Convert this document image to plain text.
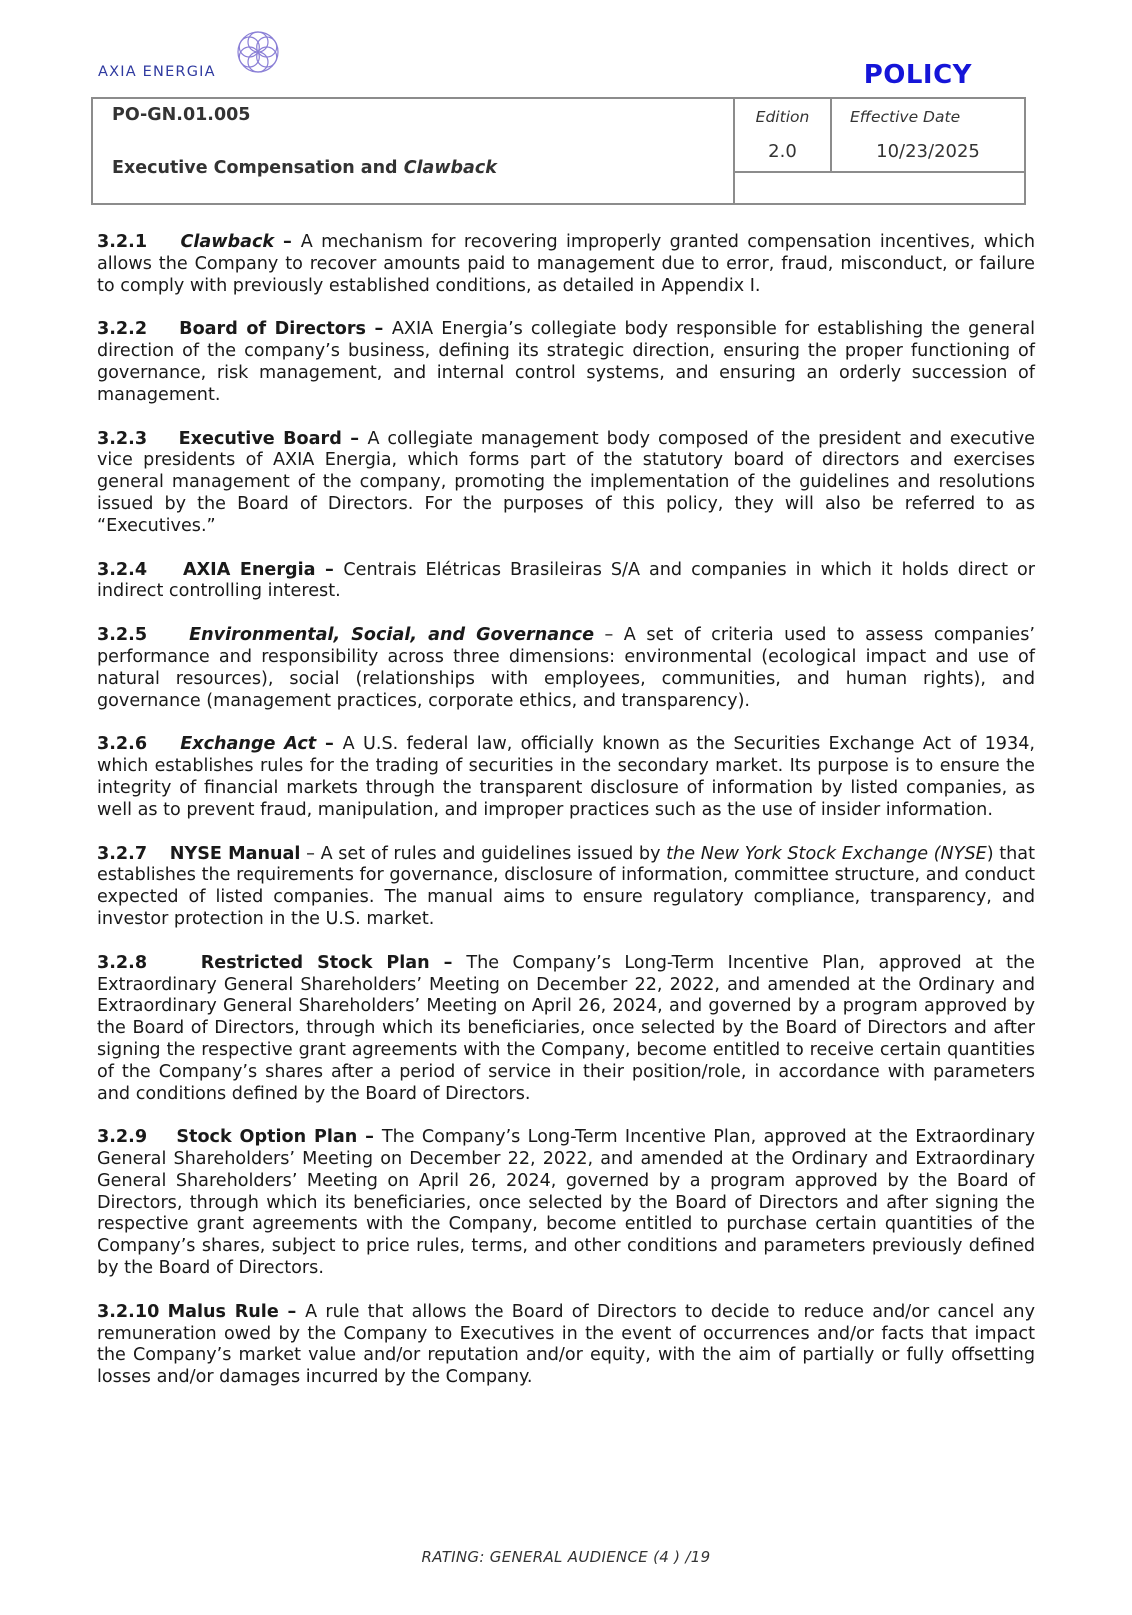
AXIA ENERGIA	POLICY
PO-GN.01.005
Executive Compensation and Clawback
Edition
2.0
Effective Date
10/23/2025

3.2.1 Clawback – A mechanism for recovering improperly granted compensation incentives, which allows the Company to recover amounts paid to management due to error, fraud, misconduct, or failure to comply with previously established conditions, as detailed in Appendix I.

3.2.2 Board of Directors – AXIA Energia’s collegiate body responsible for establishing the general direction of the company’s business, defining its strategic direction, ensuring the proper functioning of governance, risk management, and internal control systems, and ensuring an orderly succession of management.

3.2.3 Executive Board – A collegiate management body composed of the president and executive vice presidents of AXIA Energia, which forms part of the statutory board of directors and exercises general management of the company, promoting the implementation of the guidelines and resolutions issued by the Board of Directors. For the purposes of this policy, they will also be referred to as “Executives.”

3.2.4 AXIA Energia – Centrais Elétricas Brasileiras S/A and companies in which it holds direct or indirect controlling interest.

3.2.5 Environmental, Social, and Governance – A set of criteria used to assess companies’ performance and responsibility across three dimensions: environmental (ecological impact and use of natural resources), social (relationships with employees, communities, and human rights), and governance (management practices, corporate ethics, and transparency).

3.2.6 Exchange Act – A U.S. federal law, officially known as the Securities Exchange Act of 1934, which establishes rules for the trading of securities in the secondary market. Its purpose is to ensure the integrity of financial markets through the transparent disclosure of information by listed companies, as well as to prevent fraud, manipulation, and improper practices such as the use of insider information.

3.2.7 NYSE Manual – A set of rules and guidelines issued by the New York Stock Exchange (NYSE) that establishes the requirements for governance, disclosure of information, committee structure, and conduct expected of listed companies. The manual aims to ensure regulatory compliance, transparency, and investor protection in the U.S. market.

3.2.8	Restricted Stock Plan – The Company’s Long-Term Incentive Plan, approved at the Extraordinary General Shareholders’ Meeting on December 22, 2022, and amended at the Ordinary and Extraordinary General Shareholders’ Meeting on April 26, 2024, and governed by a program approved by the Board of Directors, through which its beneficiaries, once selected by the Board of Directors and after signing the respective grant agreements with the Company, become entitled to receive certain quantities of the Company’s shares after a period of service in their position/role, in accordance with parameters and conditions defined by the Board of Directors.

3.2.9 Stock Option Plan – The Company’s Long-Term Incentive Plan, approved at the Extraordinary General Shareholders’ Meeting on December 22, 2022, and amended at the Ordinary and Extraordinary General Shareholders’ Meeting on April 26, 2024, governed by a program approved by the Board of Directors, through which its beneficiaries, once selected by the Board of Directors and after signing the respective grant agreements with the Company, become entitled to purchase certain quantities of the Company’s shares, subject to price rules, terms, and other conditions and parameters previously defined by the Board of Directors.

3.2.10 Malus Rule – A rule that allows the Board of Directors to decide to reduce and/or cancel any remuneration owed by the Company to Executives in the event of occurrences and/or facts that impact the Company’s market value and/or reputation and/or equity, with the aim of partially or fully offsetting losses and/or damages incurred by the Company.

RATING: GENERAL AUDIENCE (4 ) /19
